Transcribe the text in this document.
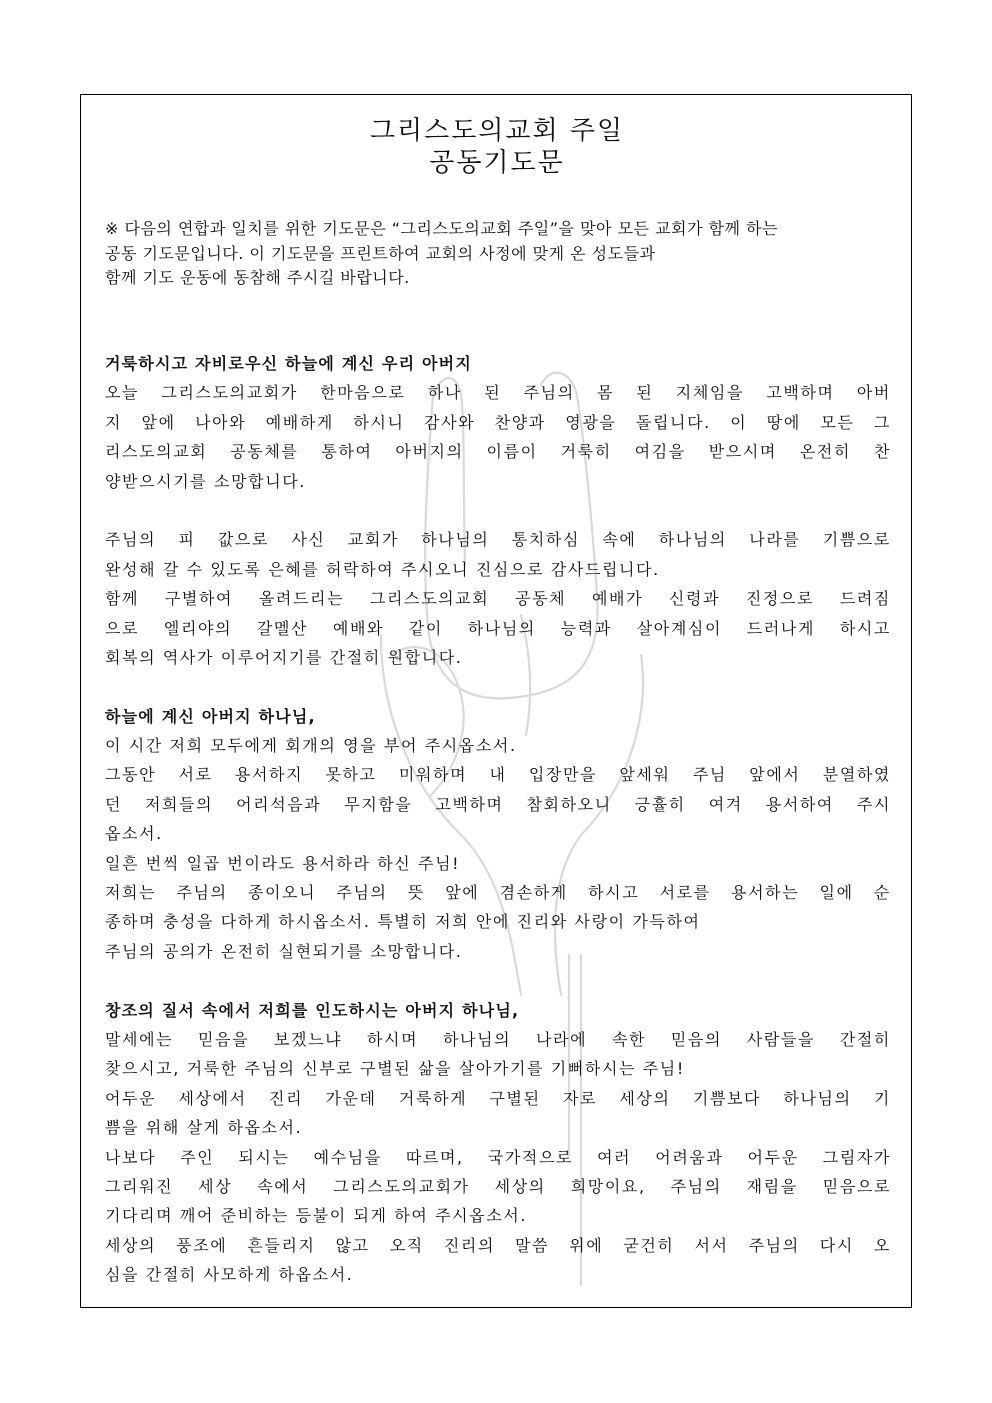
그리스도의교회 주일
공동기도문

※ 다음의 연합과 일치를 위한 기도문은 “그리스도의교회 주일”을 맞아 모든 교회가 함께 하는

공동 기도문입니다. 이 기도문을 프린트하여 교회의 사정에 맞게 온 성도들과

함께 기도 운동에 동참해 주시길 바랍니다.

거룩하시고 자비로우신 하늘에 계신 우리 아버지
오늘 그리스도의교회가 한마음으로 하나 된 주님의 몸 된 지체임을 고백하며 아버
지 앞에 나아와 예배하게 하시니 감사와 찬양과 영광을 돌립니다. 이 땅에 모든 그
리스도의교회 공동체를 통하여 아버지의 이름이 거룩히 여김을 받으시며 온전히 찬
양받으시기를 소망합니다.
주님의 피 값으로 사신 교회가 하나님의 통치하심 속에 하나님의 나라를 기쁨으로
완성해 갈 수 있도록 은혜를 허락하여 주시오니 진심으로 감사드립니다.
함께 구별하여 올려드리는 그리스도의교회 공동체 예배가 신령과 진정으로 드려짐
으로 엘리야의 갈멜산 예배와 같이 하나님의 능력과 살아계심이 드러나게 하시고
회복의 역사가 이루어지기를 간절히 원합니다.
하늘에 계신 아버지 하나님,
이 시간 저희 모두에게 회개의 영을 부어 주시옵소서.
그동안 서로 용서하지 못하고 미워하며 내 입장만을 앞세워 주님 앞에서 분열하였
던 저희들의 어리석음과 무지함을 고백하며 참회하오니 긍휼히 여겨 용서하여 주시
옵소서.
일흔 번씩 일곱 번이라도 용서하라 하신 주님!
저희는 주님의 종이오니 주님의 뜻 앞에 겸손하게 하시고 서로를 용서하는 일에 순
종하며 충성을 다하게 하시옵소서. 특별히 저희 안에 진리와 사랑이 가득하여
주님의 공의가 온전히 실현되기를 소망합니다.
창조의 질서 속에서 저희를 인도하시는 아버지 하나님,
말세에는 믿음을 보겠느냐 하시며 하나님의 나라에 속한 믿음의 사람들을 간절히
찾으시고, 거룩한 주님의 신부로 구별된 삶을 살아가기를 기뻐하시는 주님!
어두운 세상에서 진리 가운데 거룩하게 구별된 자로 세상의 기쁨보다 하나님의 기
쁨을 위해 살게 하옵소서.
나보다 주인 되시는 예수님을 따르며, 국가적으로 여러 어려움과 어두운 그림자가
그리워진 세상 속에서 그리스도의교회가 세상의 희망이요, 주님의 재림을 믿음으로
기다리며 깨어 준비하는 등불이 되게 하여 주시옵소서.
세상의 풍조에 흔들리지 않고 오직 진리의 말씀 위에 굳건히 서서 주님의 다시 오
심을 간절히 사모하게 하옵소서.
